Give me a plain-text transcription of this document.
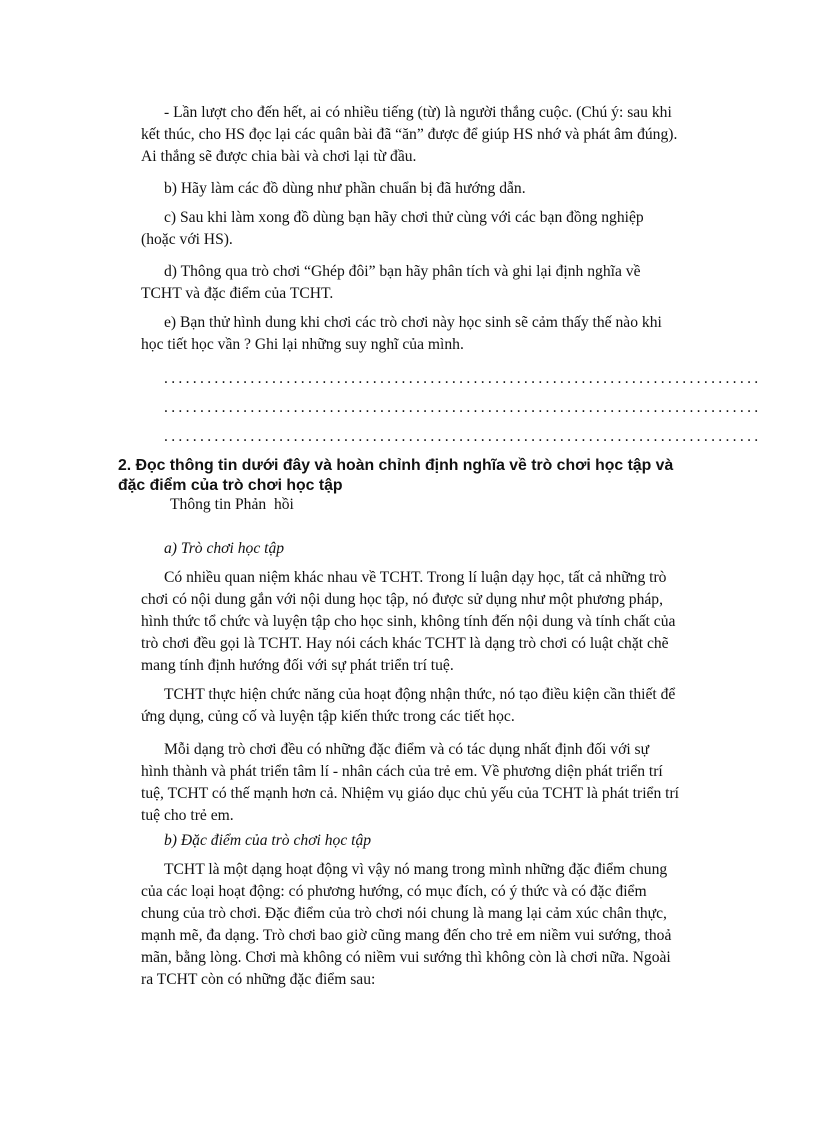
- Lần lượt cho đến hết, ai có nhiều tiếng (từ) là người thắng cuộc. (Chú ý: sau khi
kết thúc, cho HS đọc lại các quân bài đã “ăn” được để giúp HS nhớ và phát âm đúng).
Ai thắng sẽ được chia bài và chơi lại từ đầu.
b) Hãy làm các đồ dùng như phần chuẩn bị đã hướng dẫn.
c) Sau khi làm xong đồ dùng bạn hãy chơi thử cùng với các bạn đồng nghiệp
(hoặc với HS).
d) Thông qua trò chơi “Ghép đôi” bạn hãy phân tích và ghi lại định nghĩa về
TCHT và đặc điểm của TCHT.
e) Bạn thử hình dung khi chơi các trò chơi này học sinh sẽ cảm thấy thế nào khi
học tiết học vần ? Ghi lại những suy nghĩ của mình.
...................................................................................
...................................................................................
...................................................................................
2. Đọc thông tin dưới đây và hoàn chỉnh định nghĩa về trò chơi học tập và
đặc điểm của trò chơi học tập
Thông tin Phản  hồi
a) Trò chơi học tập
Có nhiều quan niệm khác nhau về TCHT. Trong lí luận dạy học, tất cả những trò
chơi có nội dung gắn với nội dung học tập, nó được sử dụng như một phương pháp,
hình thức tổ chức và luyện tập cho học sinh, không tính đến nội dung và tính chất của
trò chơi đều gọi là TCHT. Hay nói cách khác TCHT là dạng trò chơi có luật chặt chẽ
mang tính định hướng đối với sự phát triển trí tuệ.
TCHT thực hiện chức năng của hoạt động nhận thức, nó tạo điều kiện cần thiết để
ứng dụng, củng cố và luyện tập kiến thức trong các tiết học.
Mỗi dạng trò chơi đều có những đặc điểm và có tác dụng nhất định đối với sự
hình thành và phát triển tâm lí - nhân cách của trẻ em. Về phương diện phát triển trí
tuệ, TCHT có thế mạnh hơn cả. Nhiệm vụ giáo dục chủ yếu của TCHT là phát triển trí
tuệ cho trẻ em.
b) Đặc điểm của trò chơi học tập
TCHT là một dạng hoạt động vì vậy nó mang trong mình những đặc điểm chung
của các loại hoạt động: có phương hướng, có mục đích, có ý thức và có đặc điểm
chung của trò chơi. Đặc điểm của trò chơi nói chung là mang lại cảm xúc chân thực,
mạnh mẽ, đa dạng. Trò chơi bao giờ cũng mang đến cho trẻ em niềm vui sướng, thoả
mãn, bằng lòng. Chơi mà không có niềm vui sướng thì không còn là chơi nữa. Ngoài
ra TCHT còn có những đặc điểm sau:
